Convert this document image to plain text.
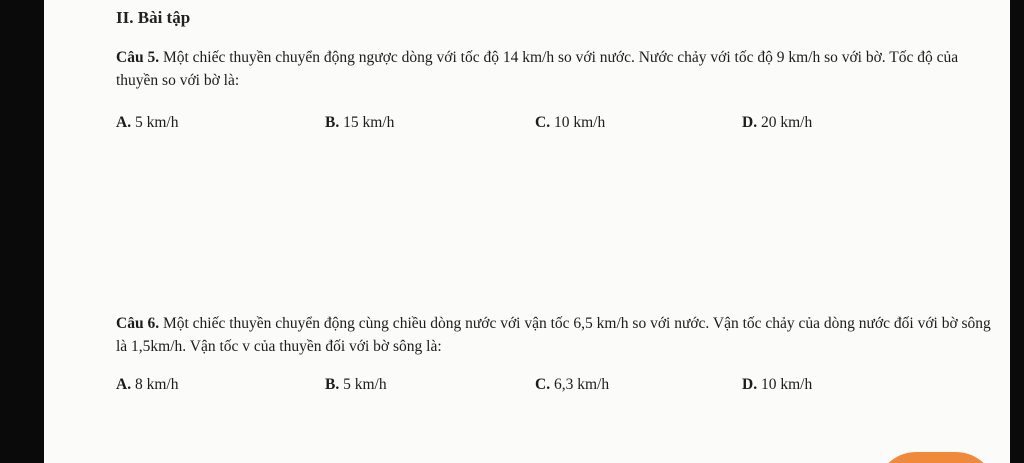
II. Bài tập
Câu 5. Một chiếc thuyền chuyển động ngược dòng với tốc độ 14 km/h so với nước. Nước chảy với tốc độ 9 km/h so với bờ. Tốc độ của thuyền so với bờ là:
A. 5 km/h	B. 15 km/h	C. 10 km/h	D. 20 km/h
Câu 6. Một chiếc thuyền chuyển động cùng chiều dòng nước với vận tốc 6,5 km/h so với nước. Vận tốc chảy của dòng nước đối với bờ sông là 1,5km/h. Vận tốc v của thuyền đối với bờ sông là:
A. 8 km/h	B. 5 km/h	C. 6,3 km/h	D. 10 km/h
